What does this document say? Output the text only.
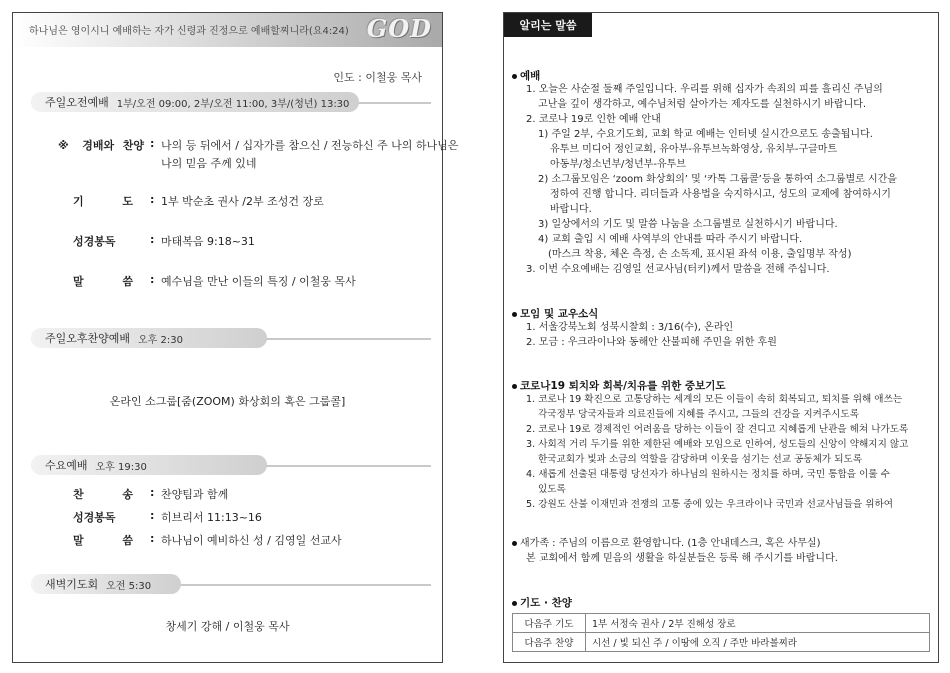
하나님은 영이시니 예배하는 자가 신령과 진정으로 예배할찌니라(요4:24) GOD
인도 : 이철웅 목사
주일오전예배 1부/오전 09:00, 2부/오전 11:00, 3부/(청년) 13:30
※ 경배와 찬양 : 나의 등 뒤에서 / 십자가를 참으신 / 전능하신 주 나의 하나님은
나의 믿음 주께 있네
기 도 : 1부 박순초 권사 /2부 조성건 장로
성경봉독	: 마태복음 9:18~31
말 씀 : 예수님을 만난 이들의 특징 / 이철웅 목사
주일오후찬양예배 오후 2:30
온라인 소그룹[줌(ZOOM) 화상회의 혹은 그룹콜]
수요예배 오후 19:30
찬 송 : 찬양팀과 함께
성경봉독	: 히브리서 11:13~16
말 씀 : 하나님이 예비하신 성 / 김영일 선교사
새벽기도회 오전 5:30
창세기 강해 / 이철웅 목사
알리는 말씀
예배
1. 오늘은 사순절 둘째 주일입니다. 우리를 위해 십자가 속죄의 피를 흘리신 주님의
고난을 깊이 생각하고, 예수님처럼 살아가는 제자도를 실천하시기 바랍니다.
2. 코로나 19로 인한 예배 안내
1) 주일 2부, 수요기도회, 교회 학교 예배는 인터넷 실시간으로도 송출됩니다.
유투브 미디어 정인교회, 유아부-유투브녹화영상, 유치부-구글마트
아동부/청소년부/청년부-유투브
2) 소그룹모임은 ‘zoom 화상회의’ 및 ‘카톡 그룹콜’등을 통하여 소그룹별로 시간을
정하여 진행 합니다. 리더들과 사용법을 숙지하시고, 성도의 교제에 참여하시기
바랍니다.
3) 일상에서의 기도 및 말씀 나눔을 소그룹별로 실천하시기 바랍니다.
4) 교회 출입 시 예배 사역부의 안내를 따라 주시기 바랍니다.
(마스크 착용, 체온 측정, 손 소독제, 표시된 좌석 이용, 출입명부 작성)
3. 이번 수요예배는 김영일 선교사님(터키)께서 말씀을 전해 주십니다.
모임 및 교우소식
1. 서울강북노회 성북시찰회 : 3/16(수), 온라인
2. 모금 : 우크라이나와 동해안 산불피해 주민을 위한 후원
코로나19 퇴치와 회복/치유를 위한 중보기도
1. 코로나 19 확진으로 고통당하는 세계의 모든 이들이 속히 회복되고, 퇴치를 위해 애쓰는
각국정부 당국자들과 의료진들에 지혜를 주시고, 그들의 건강을 지켜주시도록
2. 코로나 19로 경제적인 어려움을 당하는 이들이 잘 견디고 지혜롭게 난관을 헤쳐 나가도록
3. 사회적 거리 두기를 위한 제한된 예배와 모임으로 인하여, 성도들의 신앙이 약해지지 않고
한국교회가 빛과 소금의 역할을 감당하며 이웃을 섬기는 선교 공동체가 되도록
4. 새롭게 선출된 대통령 당선자가 하나님의 원하시는 정치를 하며, 국민 통합을 이룰 수
있도록
5. 강원도 산불 이재민과 전쟁의 고통 중에 있는 우크라이나 국민과 선교사님들을 위하여
새가족 : 주님의 이름으로 환영합니다. (1층 안내데스크, 혹은 사무실)
본 교회에서 함께 믿음의 생활을 하실분들은 등록 해 주시기를 바랍니다.
기도 · 찬양
다음주 기도	1부 서정숙 권사 / 2부 진해성 장로
다음주 찬양	시선 / 빛 되신 주 / 이땅에 오직 / 주만 바라볼찌라
